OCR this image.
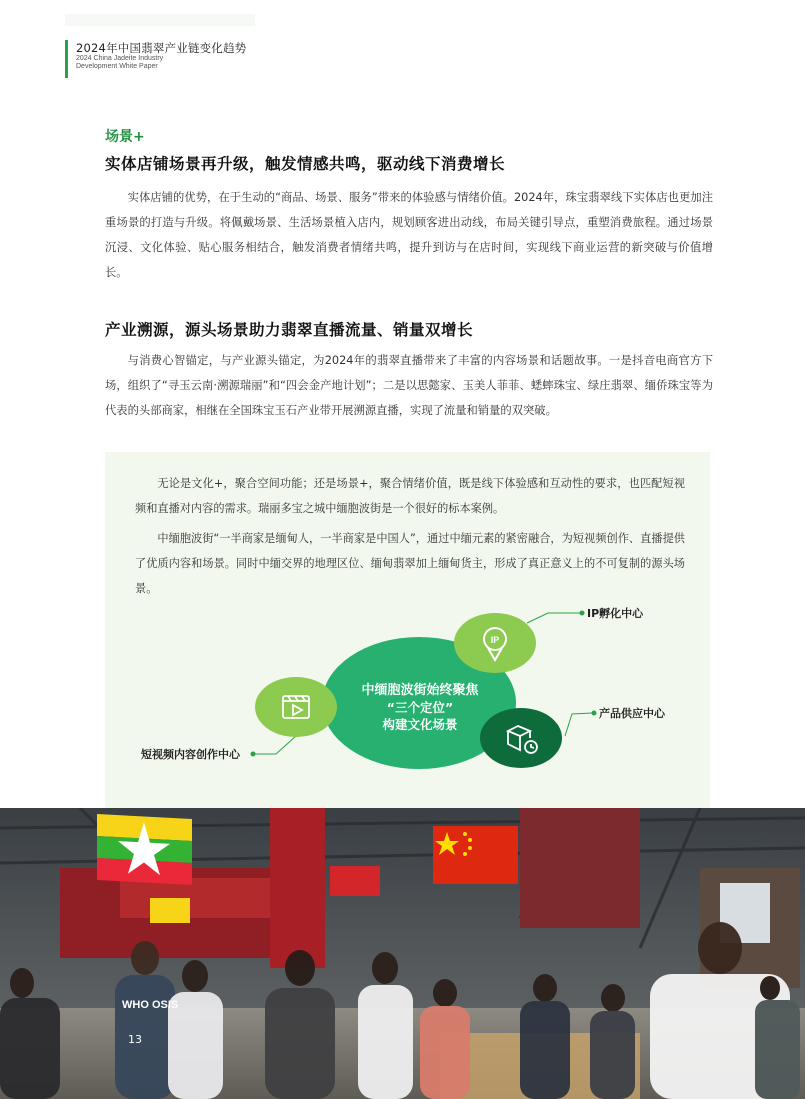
2024年中国翡翠产业链变化趋势
2024 China Jadeite Industry
Development White Paper
场景+
实体店铺场景再升级，触发情感共鸣，驱动线下消费增长

实体店铺的优势，在于生动的“商品、场景、服务”带来的体验感与情绪价值。2024年，珠宝翡翠线下实体店也更加注重场景的打造与升级。将佩戴场景、生活场景植入店内，规划顾客进出动线，布局关键引导点，重塑消费旅程。通过场景沉浸、文化体验、贴心服务相结合，触发消费者情绪共鸣，提升到访与在店时间，实现线下商业运营的新突破与价值增长。

产业溯源，源头场景助力翡翠直播流量、销量双增长

与消费心智锚定，与产业源头锚定，为2024年的翡翠直播带来了丰富的内容场景和话题故事。一是抖音电商官方下场，组织了“寻玉云南·溯源瑞丽”和“四会金产地计划”；二是以思懿家、玉美人菲菲、蟋蟀珠宝、绿庄翡翠、缅侨珠宝等为代表的头部商家，相继在全国珠宝玉石产业带开展溯源直播，实现了流量和销量的双突破。

无论是文化+，聚合空间功能；还是场景+，聚合情绪价值，既是线下体验感和互动性的要求，也匹配短视频和直播对内容的需求。瑞丽多宝之城中缅胞波街是一个很好的标本案例。

中缅胞波街“一半商家是缅甸人，一半商家是中国人”，通过中缅元素的紧密融合，为短视频创作、直播提供了优质内容和场景。同时中缅交界的地理区位、缅甸翡翠加上缅甸货主，形成了真正意义上的不可复制的源头场景。

IP
中缅胞波街始终聚焦
“三个定位”
构建文化场景
IP孵化中心
产品供应中心
短视频内容创作中心
WHO OSIS
13
